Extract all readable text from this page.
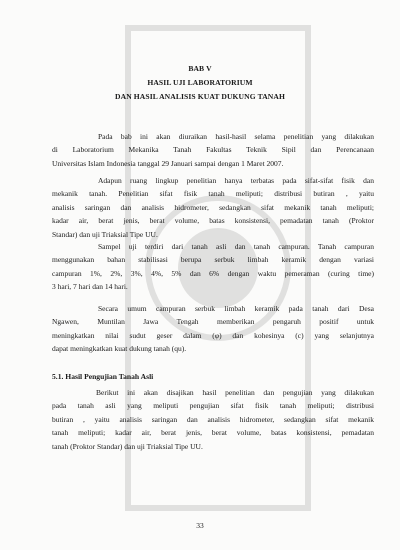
BAB V
HASIL UJI LABORATORIUM
DAN HASIL ANALISIS KUAT DUKUNG TANAH
Pada bab ini akan diuraikan hasil-hasil selama penelitian yang dilakukan
di Laboratorium Mekanika Tanah Fakultas Teknik Sipil dan Perencanaan
Universitas Islam Indonesia tanggal 29 Januari sampai dengan 1 Maret 2007.
Adapun ruang lingkup penelitian hanya terbatas pada sifat-sifat fisik dan
mekanik tanah. Penelitian sifat fisik tanah meliputi; distribusi butiran , yaitu
analisis saringan dan analisis hidrometer, sedangkan sifat mekanik tanah meliputi;
kadar air, berat jenis, berat volume, batas konsistensi, pemadatan tanah (Proktor
Standar) dan uji Triaksial Tipe UU.
Sampel uji terdiri dari tanah asli dan tanah campuran. Tanah campuran
menggunakan bahan stabilisasi berupa serbuk limbah keramik dengan variasi
campuran 1%, 2%, 3%, 4%, 5% dan 6% dengan waktu pemeraman (curing time)
3 hari, 7 hari dan 14 hari.
Secara umum campuran serbuk limbah keramik pada tanah dari Desa
Ngawen, Muntilan Jawa Tengah memberikan pengaruh positif untuk
meningkatkan nilai sudut geser dalam (φ) dan kohesinya (c) yang selanjutnya
dapat meningkatkan kuat dukung tanah (qu).
5.1. Hasil Pengujian Tanah Asli
Berikut ini akan disajikan hasil penelitian dan pengujian yang dilakukan
pada tanah asli yang meliputi pengujian sifat fisik tanah meliputi; distribusi
butiran , yaitu analisis saringan dan analisis hidrometer, sedangkan sifat mekanik
tanah meliputi; kadar air, berat jenis, berat volume, batas konsistensi, pemadatan
tanah (Proktor Standar) dan uji Triaksial Tipe UU.
33
